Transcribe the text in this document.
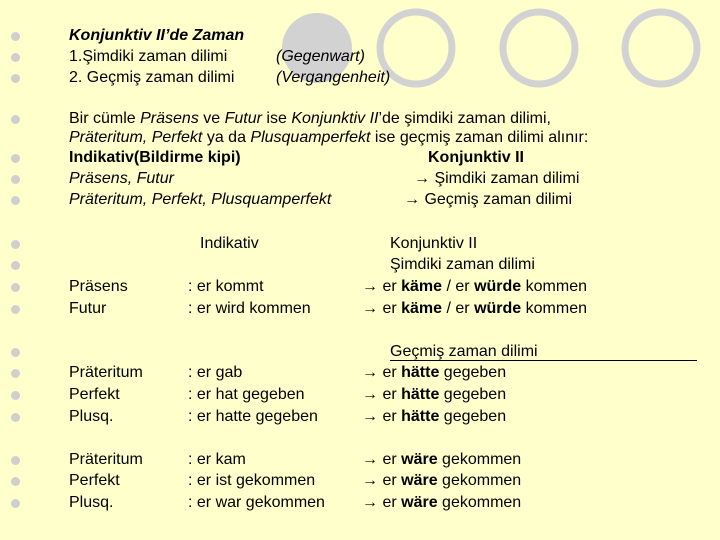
Konjunktiv II’de Zaman
1.Şimdiki zaman dilimi	(Gegenwart)
2. Geçmiş zaman dilimi	(Vergangenheit)
Bir cümle Präsens ve Futur ise Konjunktiv II’de şimdiki zaman dilimi,
Präteritum, Perfekt ya da Plusquamperfekt ise geçmiş zaman dilimi alınır:
Indikativ(Bildirme kipi)	Konjunktiv II
Präsens, Futur	→ Şimdiki zaman dilimi
Präteritum, Perfekt, Plusquamperfekt	→ Geçmiş zaman dilimi
Indikativ	Konjunktiv II
Şimdiki zaman dilimi
Präsens	: er kommt	→ er käme / er würde kommen
Futur	: er wird kommen	→ er käme / er würde kommen
Geçmiş zaman dilimi
Präteritum	: er gab	→ er hätte gegeben
Perfekt	: er hat gegeben	→ er hätte gegeben
Plusq.	: er hatte gegeben	→ er hätte gegeben
Präteritum	: er kam	→ er wäre gekommen
Perfekt	: er ist gekommen	→ er wäre gekommen
Plusq.	: er war gekommen → er wäre gekommen
